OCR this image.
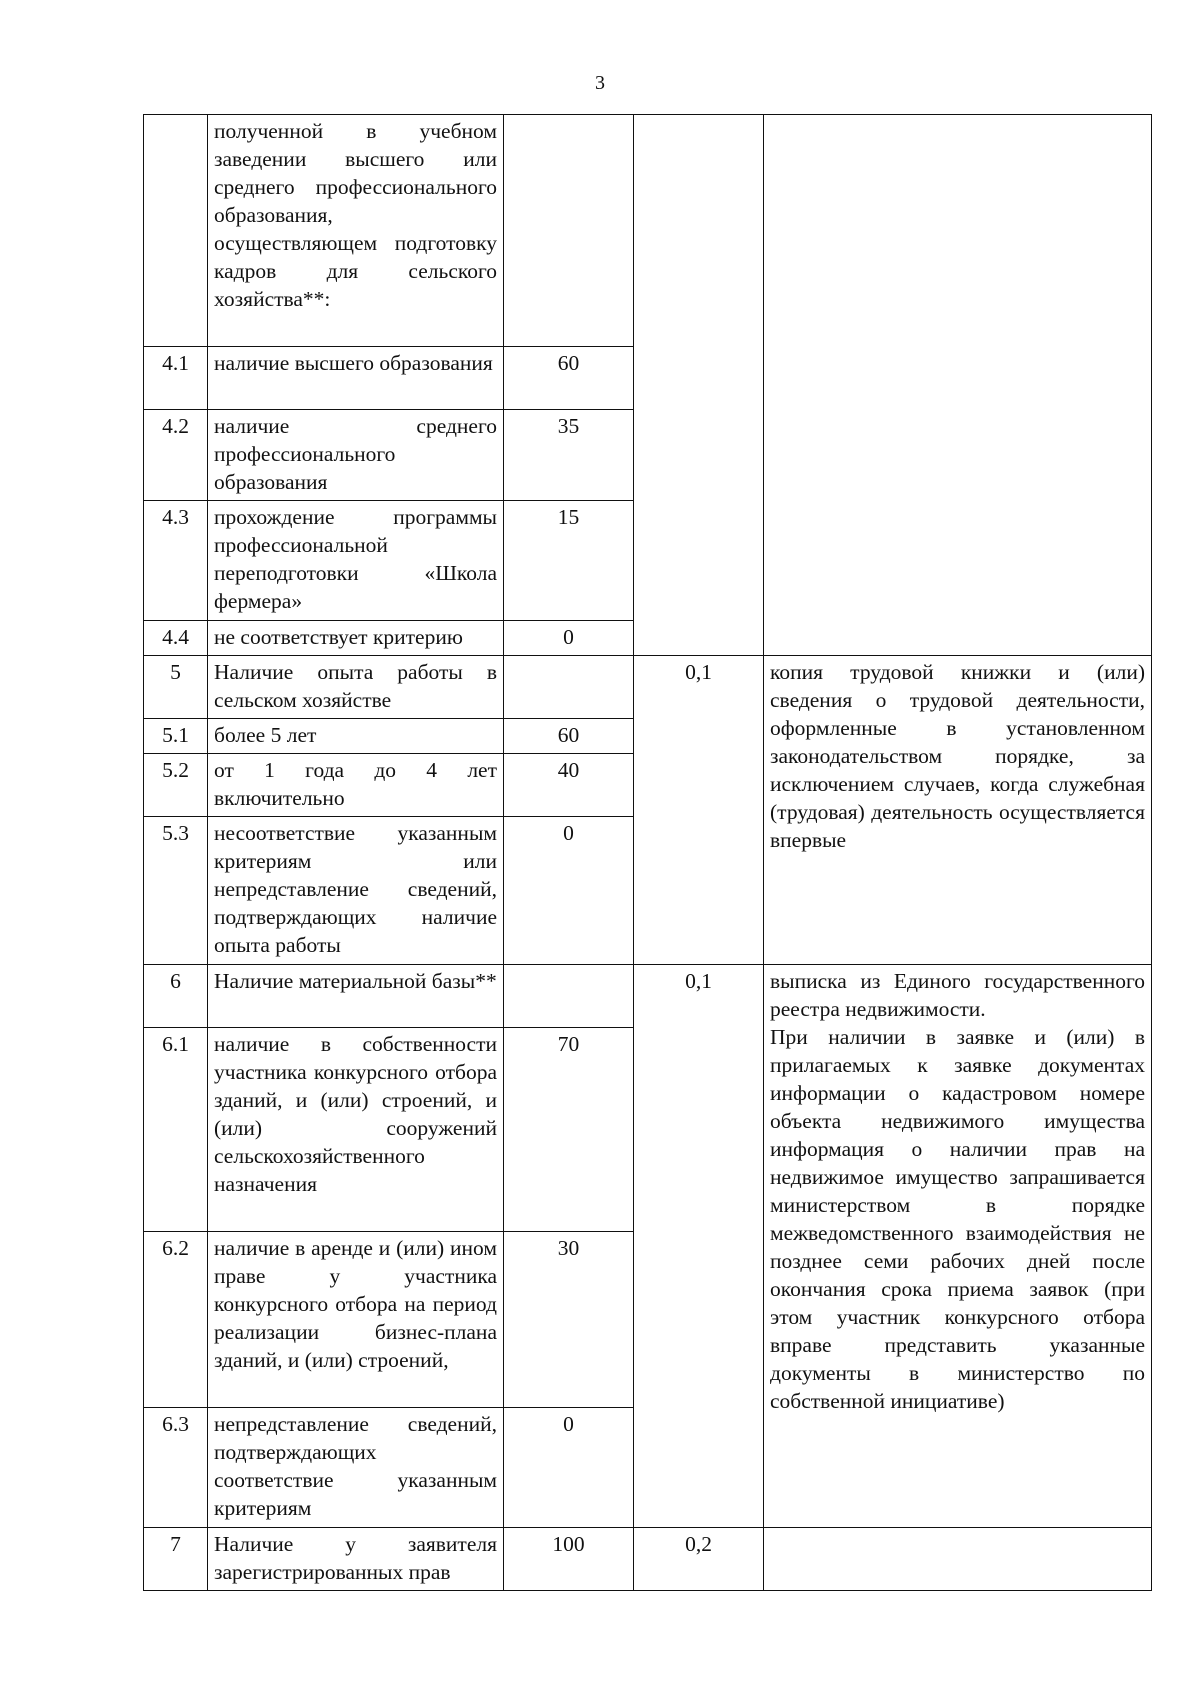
3
	полученной в учебном заведении высшего или среднего профессионального образования, осуществляющем подготовку кадров для сельского хозяйства**:			
4.1	наличие высшего образования	60		
4.2	наличие среднего профессионального образования	35		
4.3	прохождение программы профессиональной переподготовки «Школа фермера»	15		
4.4	не соответствует критерию	0		
5	Наличие опыта работы в сельском хозяйстве		0,1	копия трудовой книжки и (или) сведения о трудовой деятельности, оформленные в установленном законодательством порядке, за исключением случаев, когда служебная (трудовая) деятельность осуществляется впервые
5.1	более 5 лет	60		
5.2	от 1 года до 4 лет включительно	40		
5.3	несоответствие указанным критериям или непредставление сведений, подтверждающих наличие опыта работы	0		
6	Наличие материальной базы**		0,1	выписка из Единого государственного реестра недвижимости.
При наличии в заявке и (или) в прилагаемых к заявке документах информации о кадастровом номере объекта недвижимого имущества информация о наличии прав на недвижимое имущество запрашивается министерством в порядке межведомственного взаимодействия не позднее семи рабочих дней после окончания срока приема заявок (при этом участник конкурсного отбора вправе представить указанные документы в министерство по собственной инициативе)

6.1	наличие в собственности участника конкурсного отбора зданий, и (или) строений, и (или) сооружений сельскохозяйственного назначения	70		
6.2	наличие в аренде и (или) ином праве у участника конкурсного отбора на период реализации бизнес-плана зданий, и (или) строений,	30		
6.3	непредставление сведений, подтверждающих соответствие указанным критериям	0		
7	Наличие у заявителя зарегистрированных прав	100	0,2	
